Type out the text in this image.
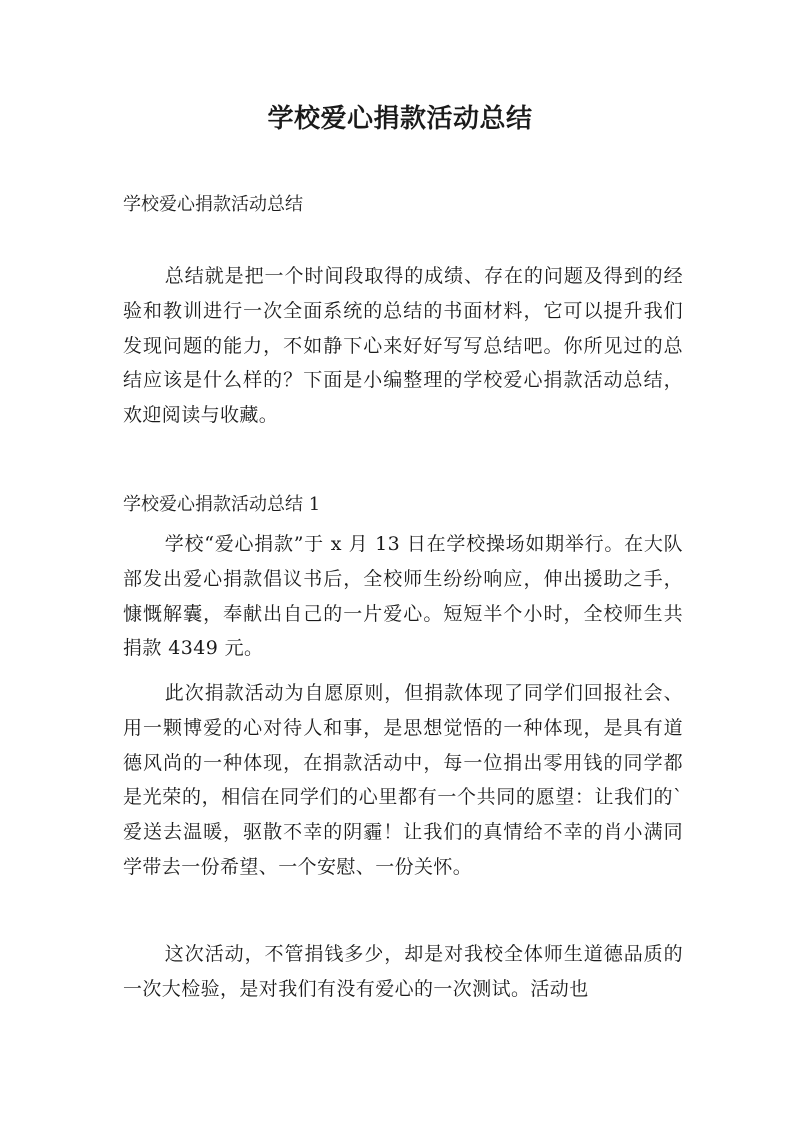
学校爱心捐款活动总结

学校爱心捐款活动总结

总结就是把一个时间段取得的成绩、存在的问题及得到的经验和教训进行一次全面系统的总结的书面材料，它可以提升我们发现问题的能力，不如静下心来好好写写总结吧。你所见过的总结应该是什么样的？下面是小编整理的学校爱心捐款活动总结，欢迎阅读与收藏。

学校爱心捐款活动总结 1

学校“爱心捐款”于 x 月 13 日在学校操场如期举行。在大队部发出爱心捐款倡议书后，全校师生纷纷响应，伸出援助之手，慷慨解囊，奉献出自己的一片爱心。短短半个小时，全校师生共捐款 4349 元。

此次捐款活动为自愿原则，但捐款体现了同学们回报社会、用一颗博爱的心对待人和事，是思想觉悟的一种体现，是具有道德风尚的一种体现，在捐款活动中，每一位捐出零用钱的同学都是光荣的，相信在同学们的心里都有一个共同的愿望：让我们的`爱送去温暖，驱散不幸的阴霾！让我们的真情给不幸的肖小满同学带去一份希望、一个安慰、一份关怀。

这次活动，不管捐钱多少，却是对我校全体师生道德品质的一次大检验，是对我们有没有爱心的一次测试。活动也
